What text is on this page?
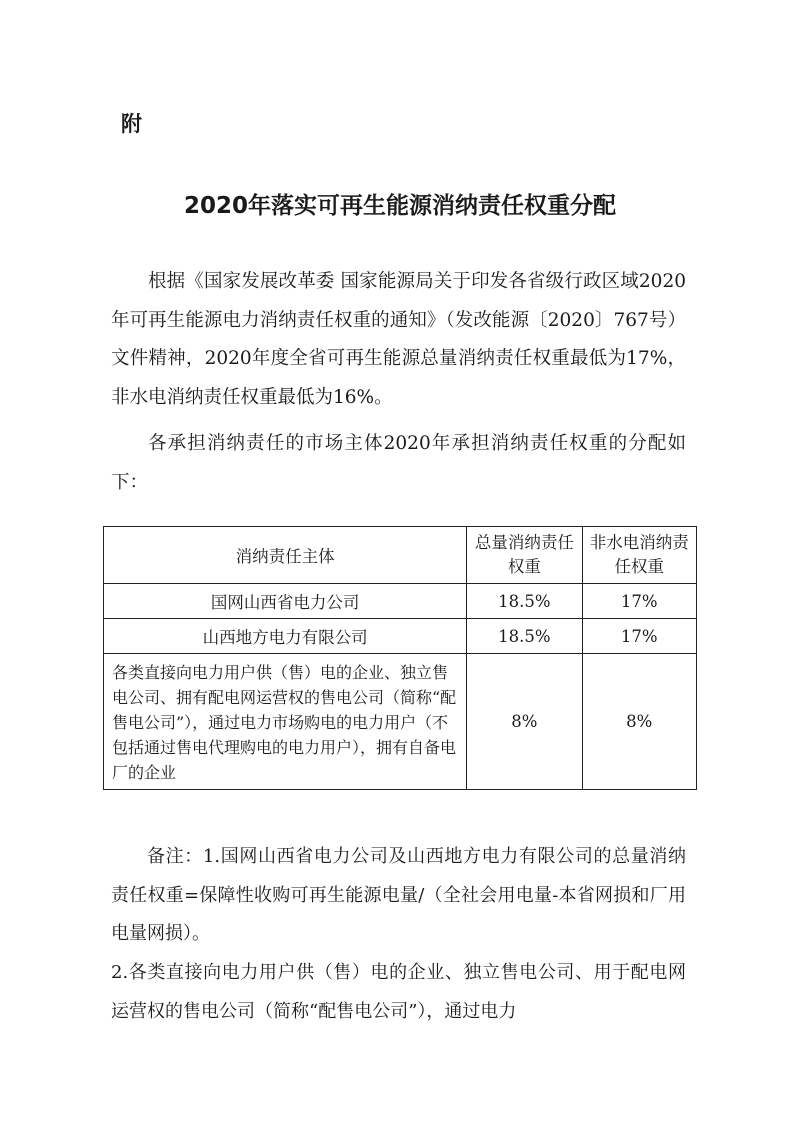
附
2020年落实可再生能源消纳责任权重分配

根据《国家发展改革委 国家能源局关于印发各省级行政区域2020年可再生能源电力消纳责任权重的通知》（发改能源〔2020〕767号）文件精神，2020年度全省可再生能源总量消纳责任权重最低为17%，非水电消纳责任权重最低为16%。

各承担消纳责任的市场主体2020年承担消纳责任权重的分配如下：

消纳责任主体	总量消纳责任权重	非水电消纳责任权重
国网山西省电力公司	18.5%	17%
山西地方电力有限公司	18.5%	17%
各类直接向电力用户供（售）电的企业、独立售电公司、拥有配电网运营权的售电公司（简称“配售电公司”），通过电力市场购电的电力用户（不包括通过售电代理购电的电力用户），拥有自备电厂的企业	8%	8%

备注：1.国网山西省电力公司及山西地方电力有限公司的总量消纳责任权重=保障性收购可再生能源电量/（全社会用电量-本省网损和厂用电量网损）。

2.各类直接向电力用户供（售）电的企业、独立售电公司、用于配电网运营权的售电公司（简称“配售电公司”），通过电力
